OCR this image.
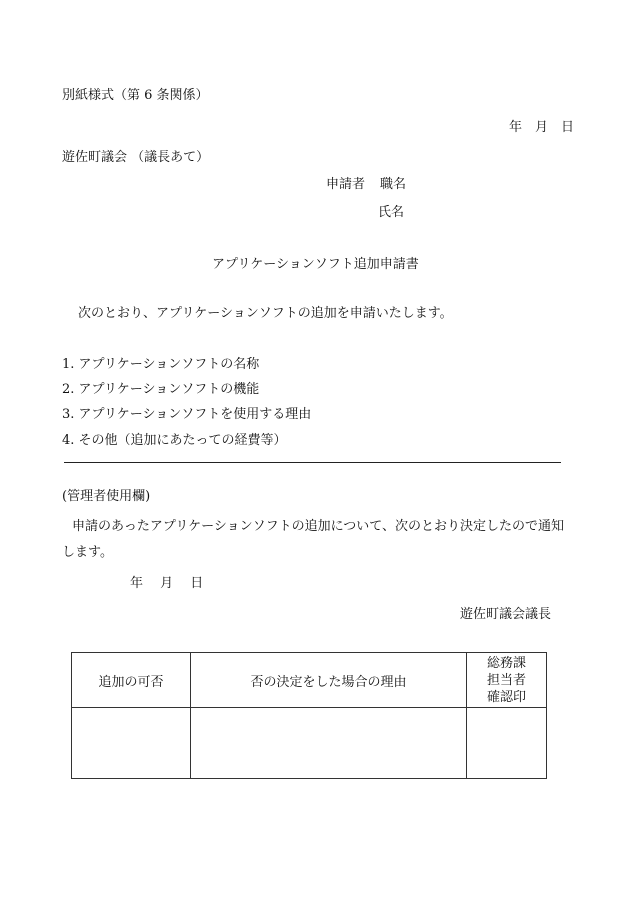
別紙様式（第 6 条関係）
年　月　日
遊佐町議会 （議長あて）
申請者 職名
氏名
アプリケーションソフト追加申請書
次のとおり、アプリケーションソフトの追加を申請いたします。
1. アプリケーションソフトの名称
2. アプリケーションソフトの機能
3. アプリケーションソフトを使用する理由
4. その他（追加にあたっての経費等）
(管理者使用欄)
申請のあったアプリケーションソフトの追加について、次のとおり決定したので通知
します。
年　 月　 日
遊佐町議会議長
追加の可否	否の決定をした場合の理由	総務課
担当者
確認印
